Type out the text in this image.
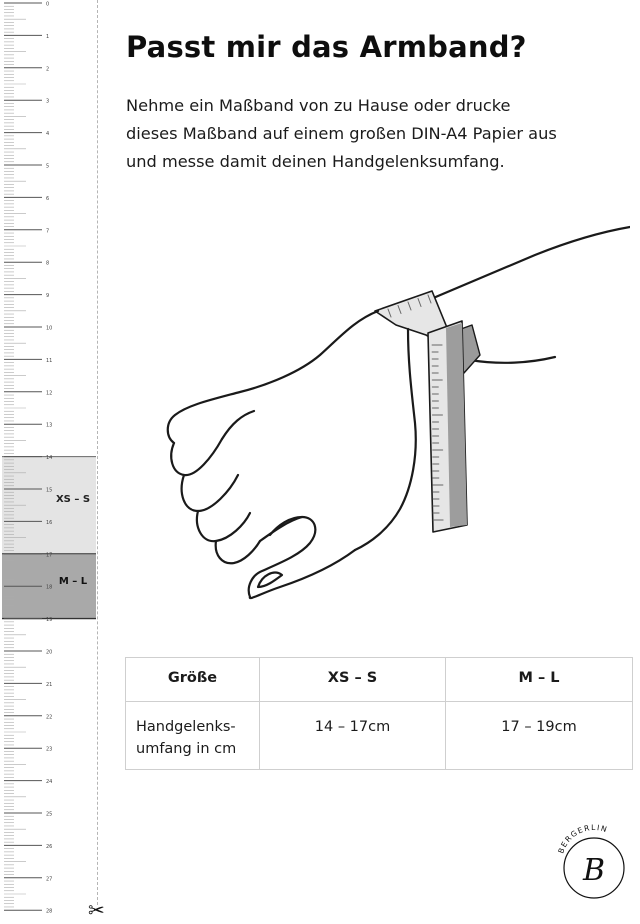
0
1
2
3
4
5
6
7
8
9
10
11
12
13
14
15
16
17
18
19
20
21
22
23
24
25
26
27
28
XS – S
M – L
✂
Passt mir das Armband?

Nehme ein Maßband von zu Hause oder drucke
dieses Maßband auf einem großen DIN-A4 Papier aus
und messe damit deinen Handgelenksumfang.

Größe	XS – S	M – L

Handgelenks-
umfang in cm	14 – 17cm	17 – 19cm
BERGERLIN
B
